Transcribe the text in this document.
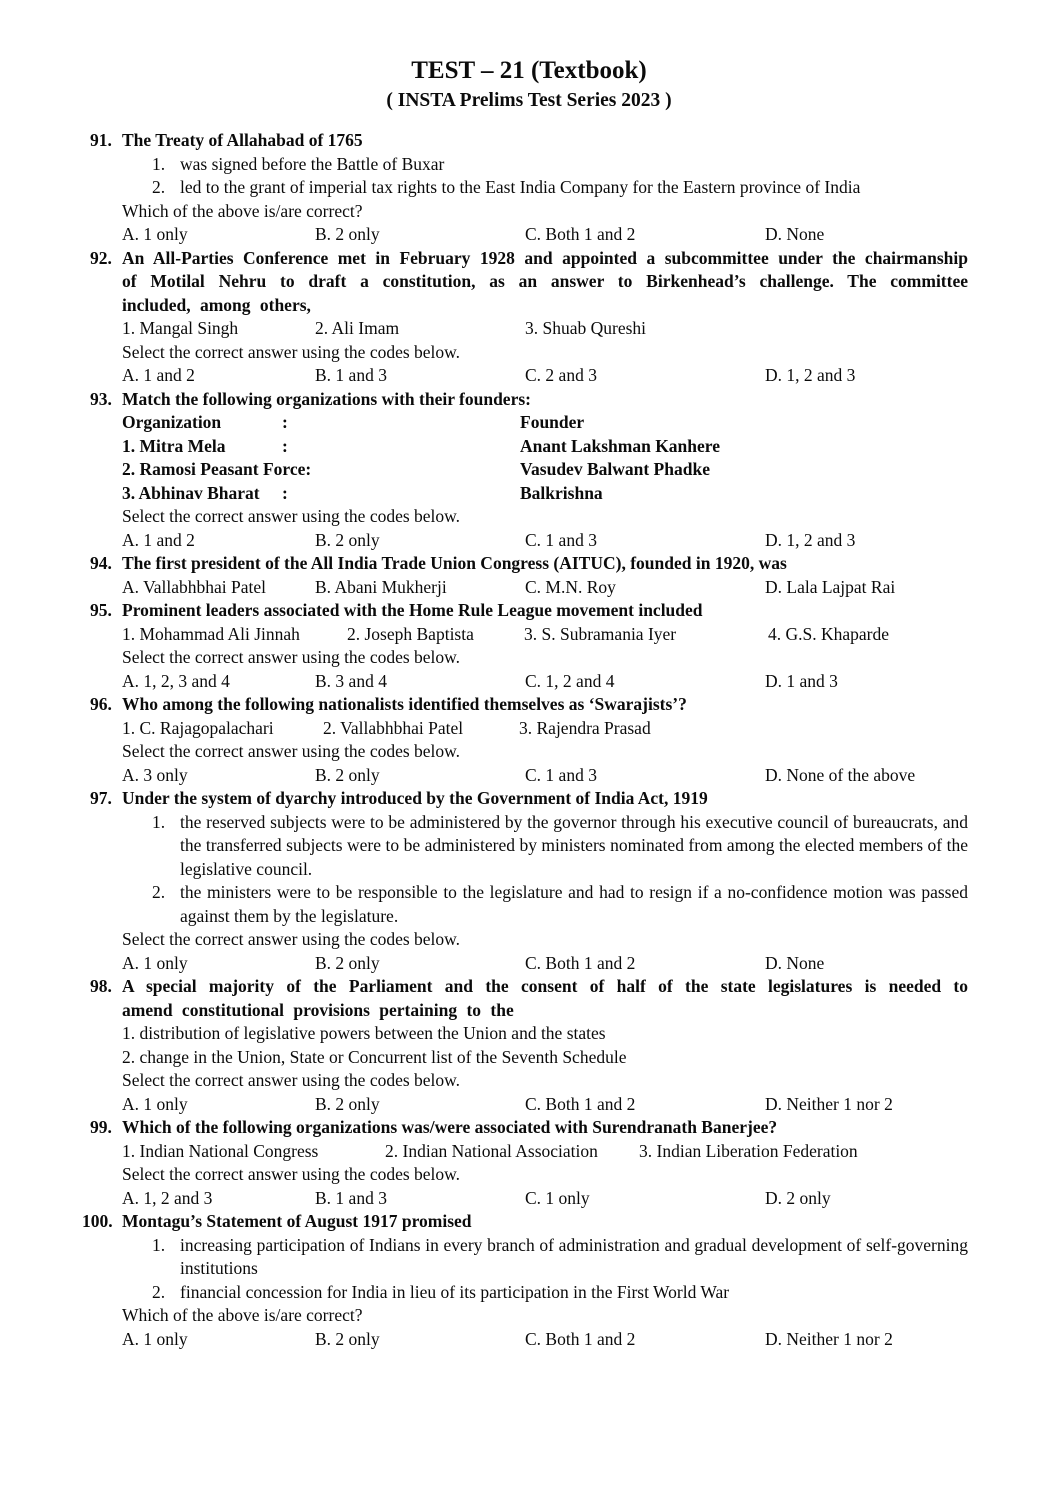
TEST – 21 (Textbook)
( INSTA Prelims Test Series 2023 )
91. The Treaty of Allahabad of 1765
1. was signed before the Battle of Buxar
2. led to the grant of imperial tax rights to the East India Company for the Eastern province of India
Which of the above is/are correct?
A. 1 only	B. 2 only	C. Both 1 and 2	D. None
92. An All-Parties Conference met in February 1928 and appointed a subcommittee under the chairmanship of Motilal Nehru to draft a constitution, as an answer to Birkenhead’s challenge. The committee included, among others,
1. Mangal Singh	2. Ali Imam	3. Shuab Qureshi
Select the correct answer using the codes below.
A. 1 and 2	B. 1 and 3	C. 2 and 3	D. 1, 2 and 3
93. Match the following organizations with their founders:
Organization	:	Founder
1. Mitra Mela	:	Anant Lakshman Kanhere
2. Ramosi Peasant Force:	Vasudev Balwant Phadke
3. Abhinav Bharat :	Balkrishna
Select the correct answer using the codes below.
A. 1 and 2	B. 2 only	C. 1 and 3	D. 1, 2 and 3
94. The first president of the All India Trade Union Congress (AITUC), founded in 1920, was
A. Vallabhbhai Patel	B. Abani Mukherji	C. M.N. Roy	D. Lala Lajpat Rai
95. Prominent leaders associated with the Home Rule League movement included
1. Mohammad Ali Jinnah	2. Joseph Baptista	3. S. Subramania Iyer	4. G.S. Khaparde
Select the correct answer using the codes below.
A. 1, 2, 3 and 4	B. 3 and 4	C. 1, 2 and 4	D. 1 and 3
96. Who among the following nationalists identified themselves as ‘Swarajists’?
1. C. Rajagopalachari	2. Vallabhbhai Patel	3. Rajendra Prasad
Select the correct answer using the codes below.
A. 3 only	B. 2 only	C. 1 and 3	D. None of the above
97. Under the system of dyarchy introduced by the Government of India Act, 1919
1. the reserved subjects were to be administered by the governor through his executive council of bureaucrats, and the transferred subjects were to be administered by ministers nominated from among the elected members of the legislative council.
2. the ministers were to be responsible to the legislature and had to resign if a no-confidence motion was passed against them by the legislature.
Select the correct answer using the codes below.
A. 1 only	B. 2 only	C. Both 1 and 2	D. None
98. A special majority of the Parliament and the consent of half of the state legislatures is needed to amend constitutional provisions pertaining to the
1. distribution of legislative powers between the Union and the states
2. change in the Union, State or Concurrent list of the Seventh Schedule
Select the correct answer using the codes below.
A. 1 only	B. 2 only	C. Both 1 and 2	D. Neither 1 nor 2
99. Which of the following organizations was/were associated with Surendranath Banerjee?
1. Indian National Congress	2. Indian National Association	3. Indian Liberation Federation
Select the correct answer using the codes below.
A. 1, 2 and 3	B. 1 and 3	C. 1 only	D. 2 only
100. Montagu’s Statement of August 1917 promised
1. increasing participation of Indians in every branch of administration and gradual development of self-governing institutions
2. financial concession for India in lieu of its participation in the First World War
Which of the above is/are correct?
A. 1 only	B. 2 only	C. Both 1 and 2	D. Neither 1 nor 2
